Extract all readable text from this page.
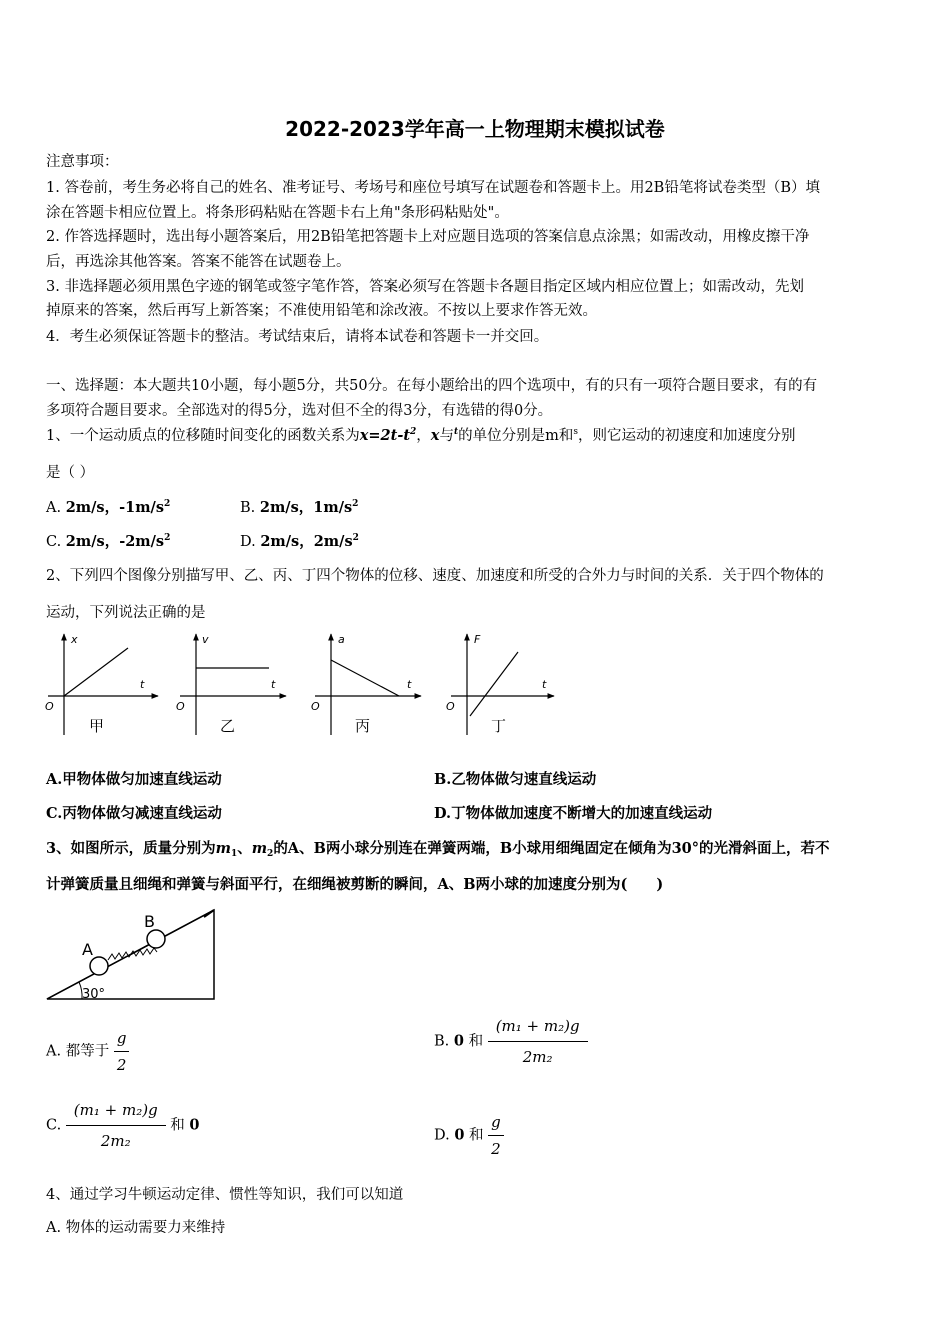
2022-2023学年高一上物理期末模拟试卷
注意事项：
1. 答卷前，考生务必将自己的姓名、准考证号、考场号和座位号填写在试题卷和答题卡上。用2B铅笔将试卷类型（B）填
涂在答题卡相应位置上。将条形码粘贴在答题卡右上角"条形码粘贴处"。
2. 作答选择题时，选出每小题答案后，用2B铅笔把答题卡上对应题目选项的答案信息点涂黑；如需改动，用橡皮擦干净
后，再选涂其他答案。答案不能答在试题卷上。
3. 非选择题必须用黑色字迹的钢笔或签字笔作答，答案必须写在答题卡各题目指定区域内相应位置上；如需改动，先划
掉原来的答案，然后再写上新答案；不准使用铅笔和涂改液。不按以上要求作答无效。
4．考生必须保证答题卡的整洁。考试结束后，请将本试卷和答题卡一并交回。
一、选择题：本大题共10小题，每小题5分，共50分。在每小题给出的四个选项中，有的只有一项符合题目要求，有的有
多项符合题目要求。全部选对的得5分，选对但不全的得3分，有选错的得0分。
1、一个运动质点的位移随时间变化的函数关系为$x=2t-t^2$，x与$^t$的单位分别是m和$^s$，则它运动的初速度和加速度分别
是（ ）
A. 2m/s，$-1m/s^2$	B. 2m/s，$1m/s^2$
C. 2m/s，$-2m/s^2$	D. 2m/s，$2m/s^2$
2、下列四个图像分别描写甲、乙、丙、丁四个物体的位移、速度、加速度和所受的合外力与时间的关系．关于四个物体的
运动，下列说法正确的是
x
t
O
甲
v
t
O
乙
a
t
O
丙
F
t
O
丁
A.甲物体做匀加速直线运动	B.乙物体做匀速直线运动
C.丙物体做匀减速直线运动	D.丁物体做加速度不断增大的加速直线运动
3、如图所示，质量分别为$m_1$、$m_2$的A、B两小球分别连在弹簧两端，B小球用细绳固定在倾角为30°的光滑斜面上，若不
计弹簧质量且细绳和弹簧与斜面平行，在细绳被剪断的瞬间，A、B两小球的加速度分别为(　　)
A
B
30°
A. 都等于 $\frac{g}{2}$	B. 0 和 $\frac{\text{(m₁ + m₂)g}}{\text{2m₂}}$
C. $\frac{\text{(m₁ + m₂)g}}{\text{2m₂}}$ 和 0
D. 0 和 $\frac{g}{2}$
4、通过学习牛顿运动定律、惯性等知识，我们可以知道
A. 物体的运动需要力来维持
